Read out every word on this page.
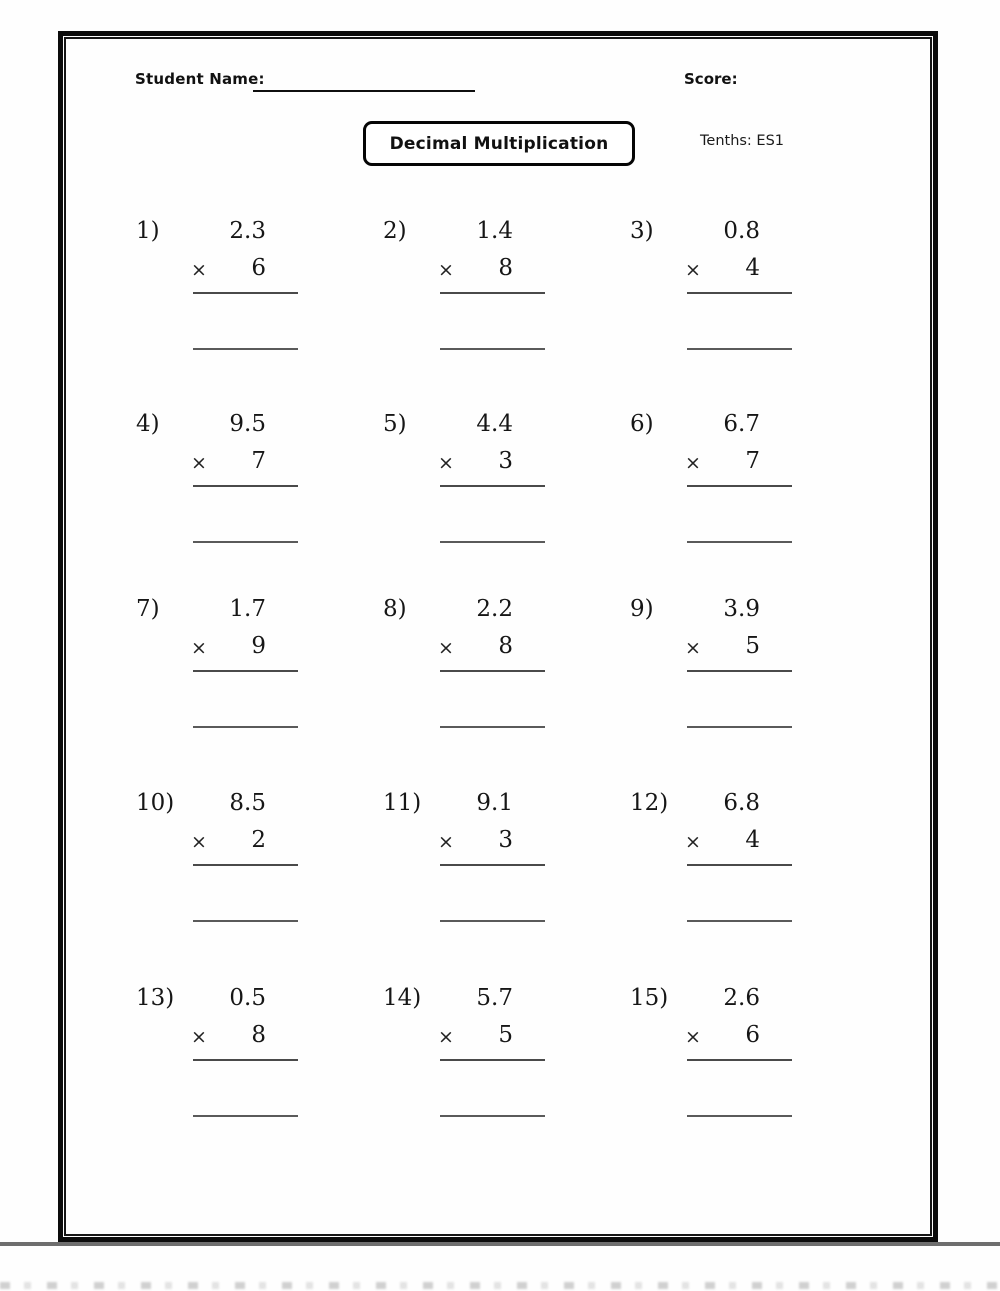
Student Name:	Score:
Decimal Multiplication	Tenths: ES1
1)	2.3
×	6
2)	1.4
×	8
3)	0.8
×	4
4)	9.5
×	7
5)	4.4
×	3
6)	6.7
×	7
7)	1.7
×	9
8)	2.2
×	8
9)	3.9
×	5
10)	8.5
×	2
11)	9.1
×	3
12)	6.8
×	4
13)	0.5
×	8
14)	5.7
×	5
15)	2.6
×	6
